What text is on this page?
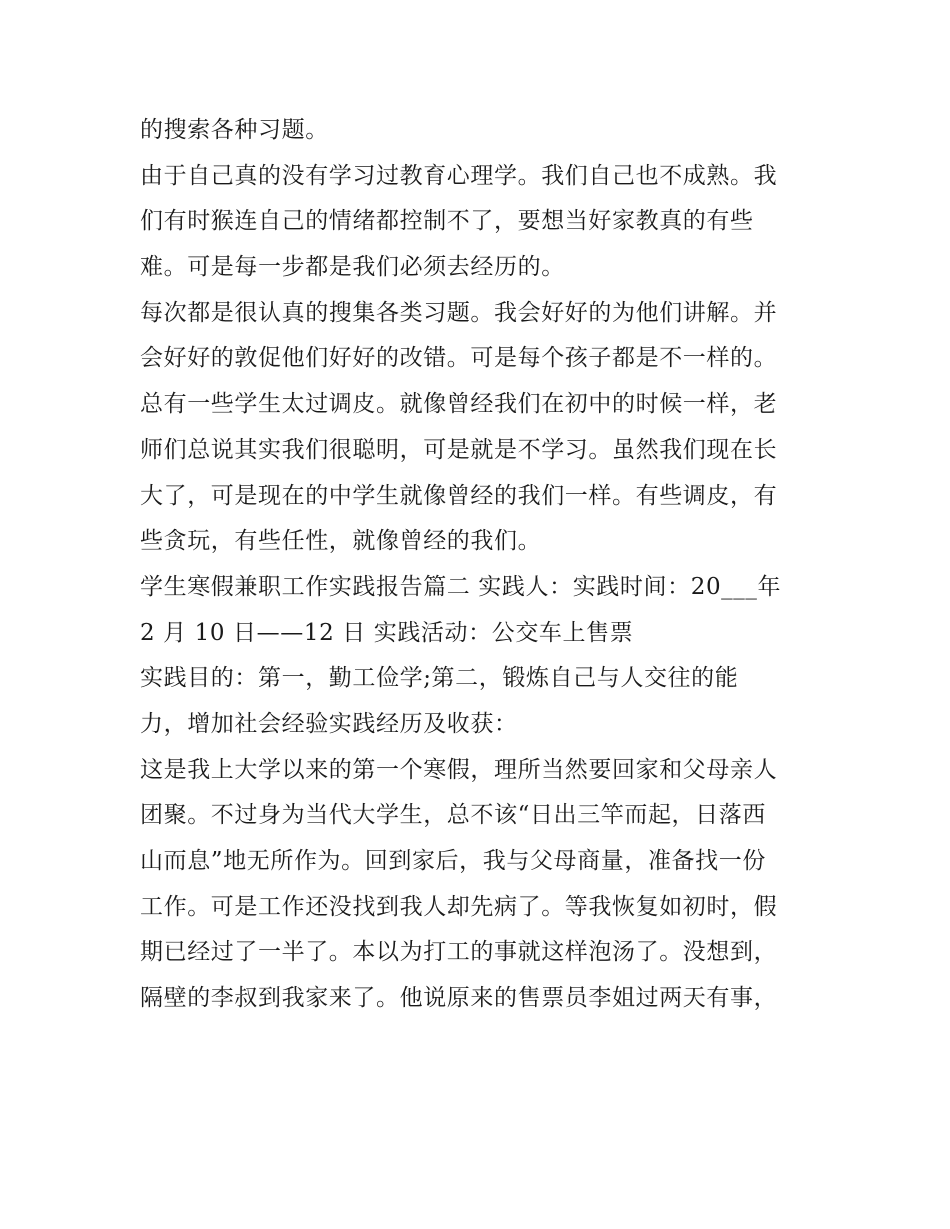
的搜索各种习题。
由于自己真的没有学习过教育心理学。我们自己也不成熟。我
们有时猴连自己的情绪都控制不了，要想当好家教真的有些
难。可是每一步都是我们必须去经历的。
每次都是很认真的搜集各类习题。我会好好的为他们讲解。并
会好好的敦促他们好好的改错。可是每个孩子都是不一样的。
总有一些学生太过调皮。就像曾经我们在初中的时候一样，老
师们总说其实我们很聪明，可是就是不学习。虽然我们现在长
大了，可是现在的中学生就像曾经的我们一样。有些调皮，有
些贪玩，有些任性，就像曾经的我们。
学生寒假兼职工作实践报告篇二 实践人：实践时间：20___年
2 月 10 日——12 日 实践活动：公交车上售票
实践目的：第一，勤工俭学;第二，锻炼自己与人交往的能
力，增加社会经验实践经历及收获：
这是我上大学以来的第一个寒假，理所当然要回家和父母亲人
团聚。不过身为当代大学生，总不该“日出三竿而起，日落西
山而息”地无所作为。回到家后，我与父母商量，准备找一份
工作。可是工作还没找到我人却先病了。等我恢复如初时，假
期已经过了一半了。本以为打工的事就这样泡汤了。没想到，
隔壁的李叔到我家来了。他说原来的售票员李姐过两天有事，
